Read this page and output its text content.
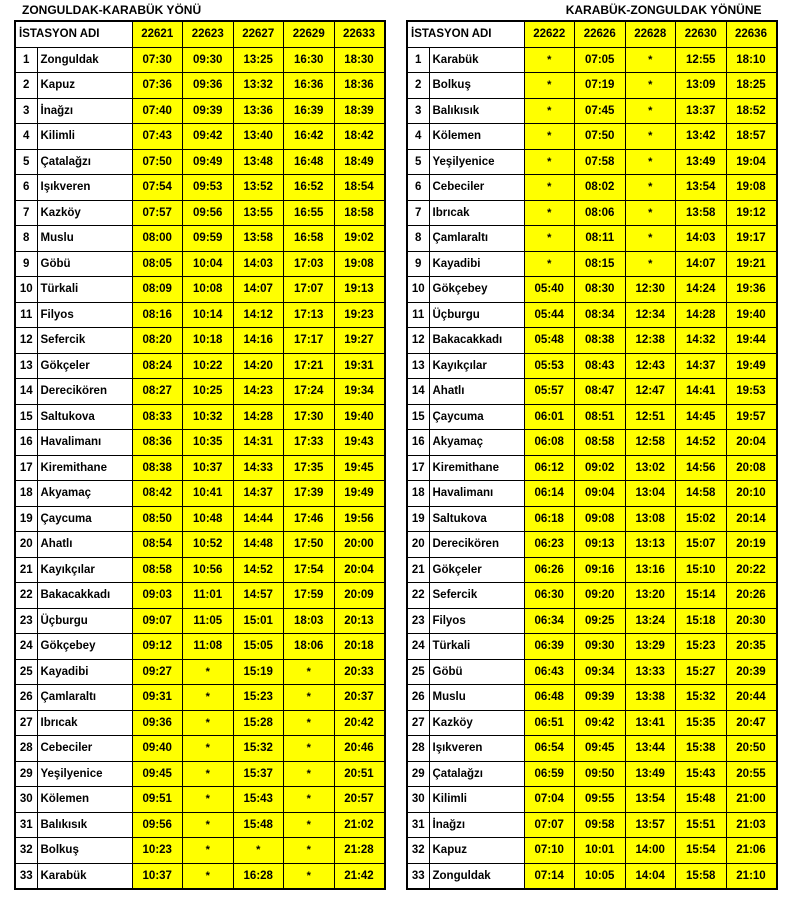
ZONGULDAK-KARABÜK YÖNÜ
İSTASYON ADI		22621	22623	22627	22629	22633
1	Zonguldak	07:30	09:30	13:25	16:30	18:30
2	Kapuz	07:36	09:36	13:32	16:36	18:36
3	İnağzı	07:40	09:39	13:36	16:39	18:39
4	Kilimli	07:43	09:42	13:40	16:42	18:42
5	Çatalağzı	07:50	09:49	13:48	16:48	18:49
6	Işıkveren	07:54	09:53	13:52	16:52	18:54
7	Kazköy	07:57	09:56	13:55	16:55	18:58
8	Muslu	08:00	09:59	13:58	16:58	19:02
9	Göbü	08:05	10:04	14:03	17:03	19:08
10	Türkali	08:09	10:08	14:07	17:07	19:13
11	Filyos	08:16	10:14	14:12	17:13	19:23
12	Sefercik	08:20	10:18	14:16	17:17	19:27
13	Gökçeler	08:24	10:22	14:20	17:21	19:31
14	Derecikören	08:27	10:25	14:23	17:24	19:34
15	Saltukova	08:33	10:32	14:28	17:30	19:40
16	Havalimanı	08:36	10:35	14:31	17:33	19:43
17	Kiremithane	08:38	10:37	14:33	17:35	19:45
18	Akyamaç	08:42	10:41	14:37	17:39	19:49
19	Çaycuma	08:50	10:48	14:44	17:46	19:56
20	Ahatlı	08:54	10:52	14:48	17:50	20:00
21	Kayıkçılar	08:58	10:56	14:52	17:54	20:04
22	Bakacakkadı	09:03	11:01	14:57	17:59	20:09
23	Üçburgu	09:07	11:05	15:01	18:03	20:13
24	Gökçebey	09:12	11:08	15:05	18:06	20:18
25	Kayadibi	09:27	*	15:19	*	20:33
26	Çamlaraltı	09:31	*	15:23	*	20:37
27	Ibrıcak	09:36	*	15:28	*	20:42
28	Cebeciler	09:40	*	15:32	*	20:46
29	Yeşilyenice	09:45	*	15:37	*	20:51
30	Kölemen	09:51	*	15:43	*	20:57
31	Balıkısık	09:56	*	15:48	*	21:02
32	Bolkuş	10:23	*	*	*	21:28
33	Karabük	10:37	*	16:28	*	21:42
KARABÜK-ZONGULDAK YÖNÜNE
İSTASYON ADI		22622	22626	22628	22630	22636
1	Karabük	*	07:05	*	12:55	18:10
2	Bolkuş	*	07:19	*	13:09	18:25
3	Balıkısık	*	07:45	*	13:37	18:52
4	Kölemen	*	07:50	*	13:42	18:57
5	Yeşilyenice	*	07:58	*	13:49	19:04
6	Cebeciler	*	08:02	*	13:54	19:08
7	Ibrıcak	*	08:06	*	13:58	19:12
8	Çamlaraltı	*	08:11	*	14:03	19:17
9	Kayadibi	*	08:15	*	14:07	19:21
10	Gökçebey	05:40	08:30	12:30	14:24	19:36
11	Üçburgu	05:44	08:34	12:34	14:28	19:40
12	Bakacakkadı	05:48	08:38	12:38	14:32	19:44
13	Kayıkçılar	05:53	08:43	12:43	14:37	19:49
14	Ahatlı	05:57	08:47	12:47	14:41	19:53
15	Çaycuma	06:01	08:51	12:51	14:45	19:57
16	Akyamaç	06:08	08:58	12:58	14:52	20:04
17	Kiremithane	06:12	09:02	13:02	14:56	20:08
18	Havalimanı	06:14	09:04	13:04	14:58	20:10
19	Saltukova	06:18	09:08	13:08	15:02	20:14
20	Derecikören	06:23	09:13	13:13	15:07	20:19
21	Gökçeler	06:26	09:16	13:16	15:10	20:22
22	Sefercik	06:30	09:20	13:20	15:14	20:26
23	Filyos	06:34	09:25	13:24	15:18	20:30
24	Türkali	06:39	09:30	13:29	15:23	20:35
25	Göbü	06:43	09:34	13:33	15:27	20:39
26	Muslu	06:48	09:39	13:38	15:32	20:44
27	Kazköy	06:51	09:42	13:41	15:35	20:47
28	Işıkveren	06:54	09:45	13:44	15:38	20:50
29	Çatalağzı	06:59	09:50	13:49	15:43	20:55
30	Kilimli	07:04	09:55	13:54	15:48	21:00
31	İnağzı	07:07	09:58	13:57	15:51	21:03
32	Kapuz	07:10	10:01	14:00	15:54	21:06
33	Zonguldak	07:14	10:05	14:04	15:58	21:10
